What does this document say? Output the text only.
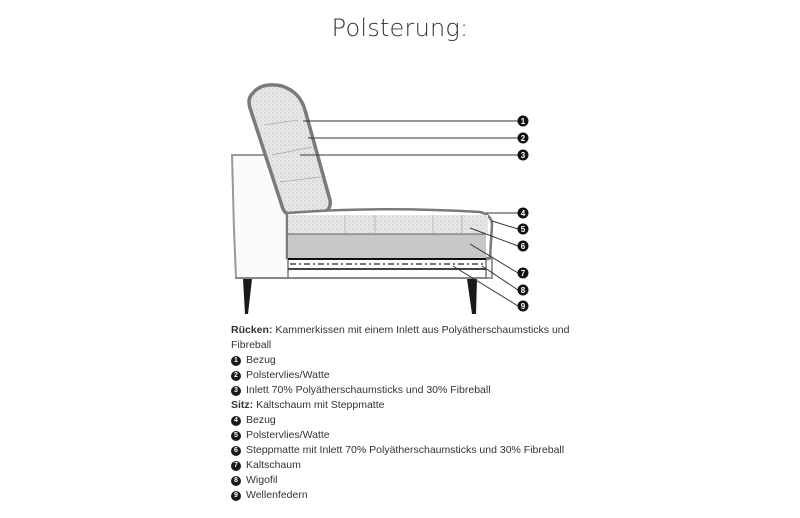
Polsterung:
1
2
3
4
5
6
7
8
9
Rücken: Kammerkissen mit einem Inlett aus Polyätherschaumsticks und Fibreball
1 Bezug
2 Polstervlies/Watte
3 Inlett 70% Polyätherschaumsticks und 30% Fibreball
Sitz: Kaltschaum mit Steppmatte
4 Bezug
5 Polstervlies/Watte
6 Steppmatte mit Inlett 70% Polyätherschaumsticks und 30% Fibreball
7 Kaltschaum
8 Wigofil
9 Wellenfedern
